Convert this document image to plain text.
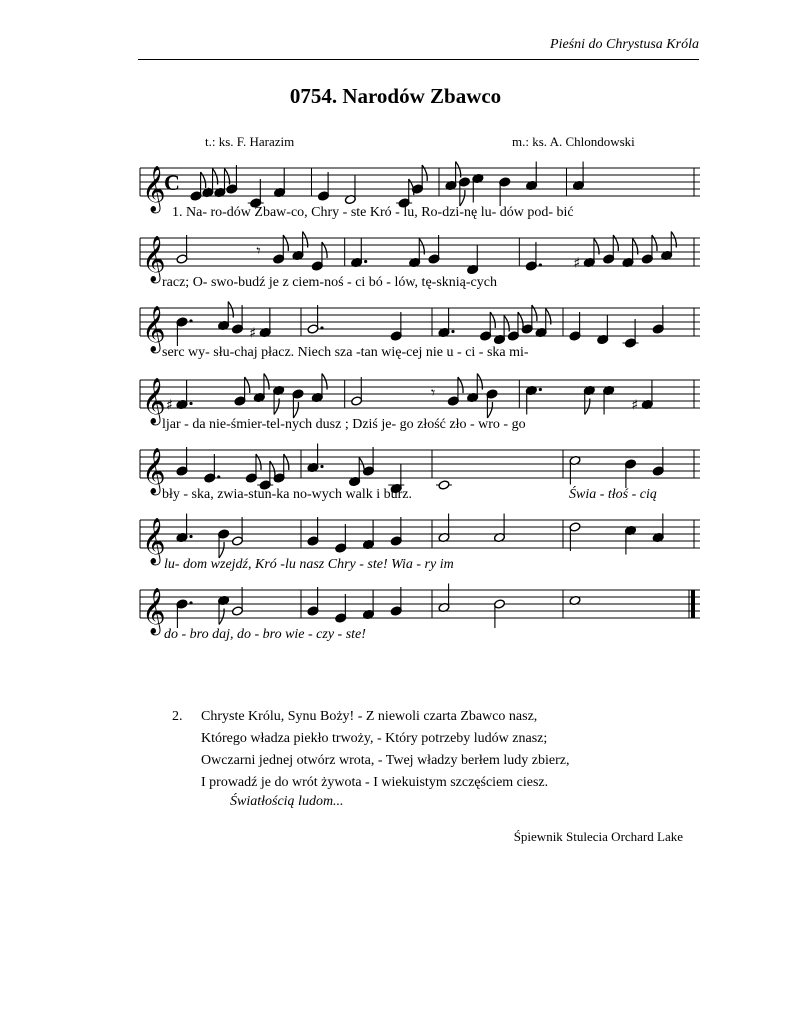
Pieśni do Chrystusa Króla
0754. Narodów Zbawco
t.: ks. F. Harazim	m.: ks. A. Chlondowski
𝄞
C ♯
1. Na- ro-dów Zbaw-co, Chry - ste Kró - lu, Ro-dzi-nę lu- dów pod- bić
𝄞	𝄾
♯
racz; O- swo-budź je z ciem-noś - ci bó - lów, tę-sknią-cych
𝄞	♯
serc wy- słu-chaj płacz. Niech sza -tan wię-cej nie u - ci - ska mi-
𝄞 ♯
𝄾
♯
ljar - da nie-śmier-tel-nych dusz ; Dziś je- go złość zło - wro - go
𝄞
bły - ska, zwia-stun-ka no-wych walk i burz.	Świa - tłoś - cią
𝄞
lu- dom wzejdź, Kró -lu nasz Chry - ste! Wia - ry im
𝄞
do - bro daj, do - bro wie - czy - ste!
2. Chryste Królu, Synu Boży! - Z niewoli czarta Zbawco nasz,
Którego władza piekło trwoży, - Który potrzeby ludów znasz;
Owczarni jednej otwórz wrota, - Twej władzy berłem ludy zbierz,
I prowadź je do wrót żywota - I wiekuistym szczęściem ciesz.
Światłością ludom...
Śpiewnik Stulecia Orchard Lake
